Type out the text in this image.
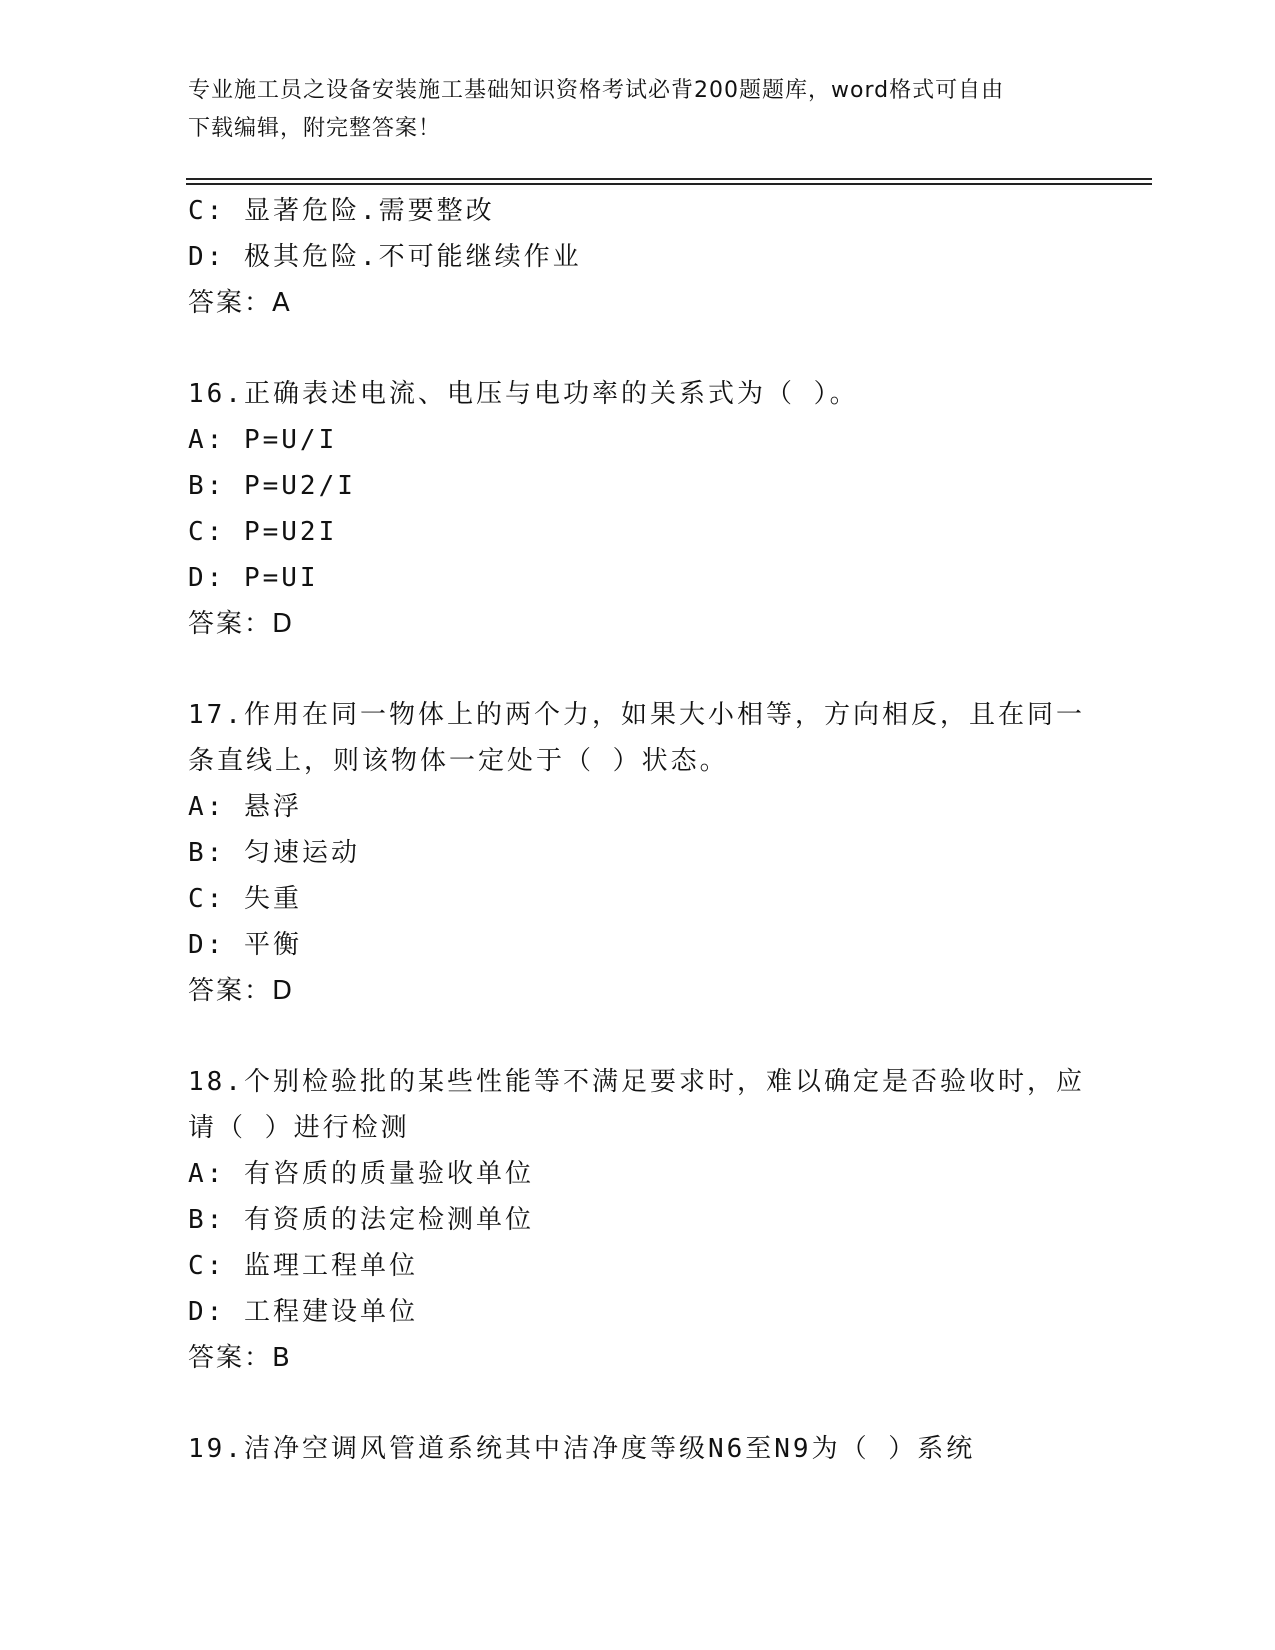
专业施工员之设备安装施工基础知识资格考试必背200题题库，word格式可自由
下载编辑，附完整答案！
C: 显著危险.需要整改
D: 极其危险.不可能继续作业
答案：A
16.正确表述电流、电压与电功率的关系式为（ ）。
A: P=U/I
B: P=U2/I
C: P=U2I
D: P=UI
答案：D
17.作用在同一物体上的两个力，如果大小相等，方向相反，且在同一
条直线上，则该物体一定处于（ ）状态。
A: 悬浮
B: 匀速运动
C: 失重
D: 平衡
答案：D
18.个别检验批的某些性能等不满足要求时，难以确定是否验收时，应
请（ ）进行检测
A: 有咨质的质量验收单位
B: 有资质的法定检测单位
C: 监理工程单位
D: 工程建设单位
答案：B
19.洁净空调风管道系统其中洁净度等级N6至N9为（ ）系统
